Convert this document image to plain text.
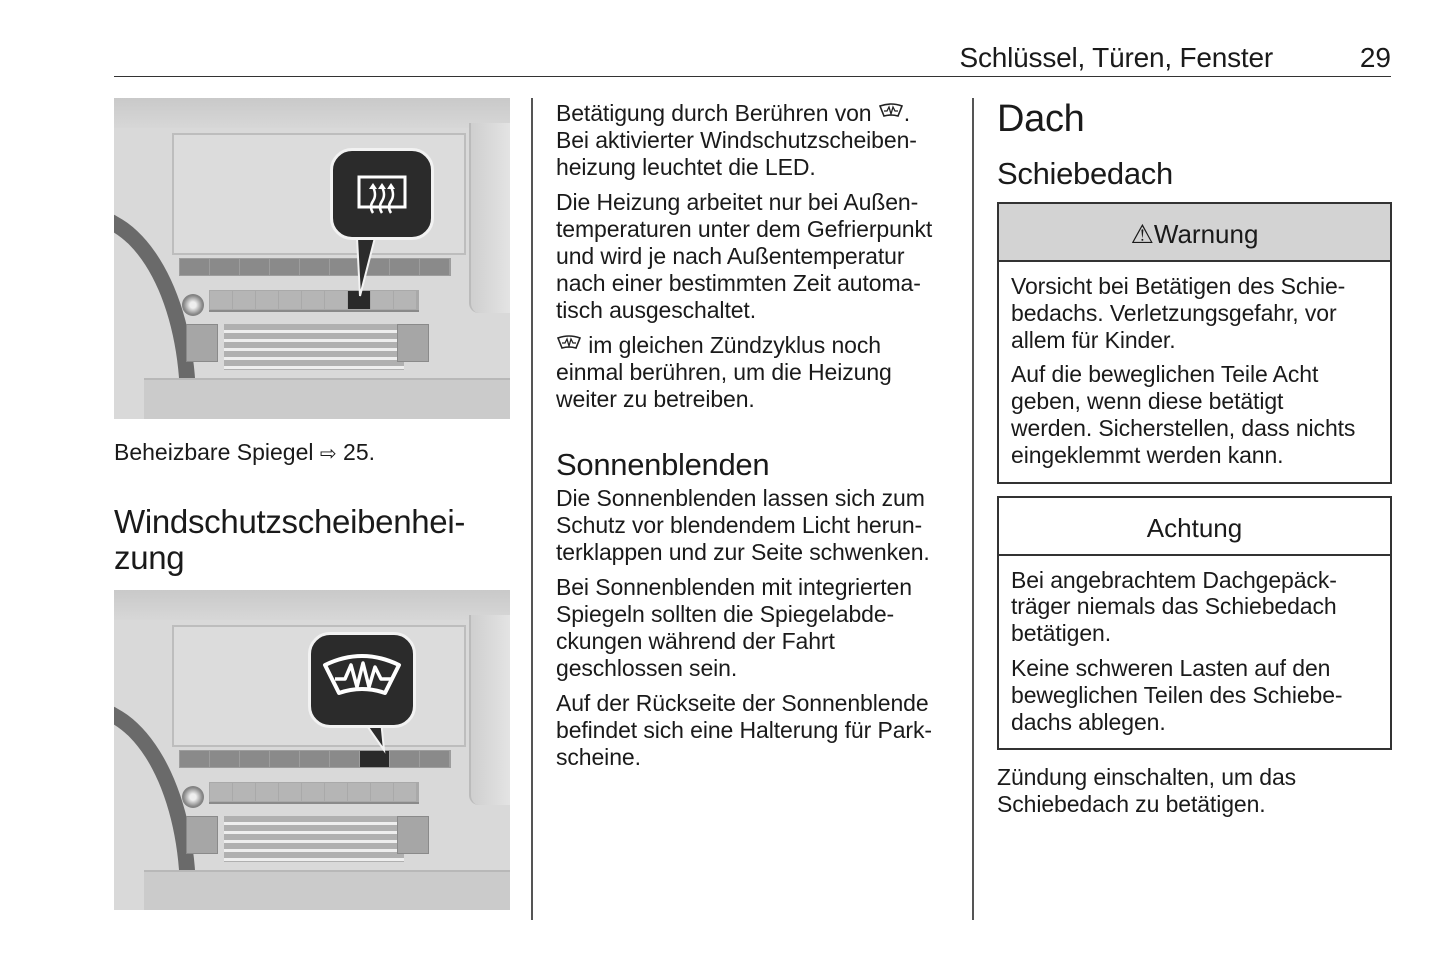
Schlüssel, Türen, Fenster	29
Beheizbare Spiegel ⇨ 25.
Windschutzscheibenhei-
zung

Betätigung durch Berühren von .
Bei aktivierter Windschutzscheiben-
heizung leuchtet die LED.

Die Heizung arbeitet nur bei Außen-
temperaturen unter dem Gefrierpunkt
und wird je nach Außentemperatur
nach einer bestimmten Zeit automa-
tisch ausgeschaltet.

im gleichen Zündzyklus noch
einmal berühren, um die Heizung
weiter zu betreiben.

Sonnenblenden

Die Sonnenblenden lassen sich zum
Schutz vor blendendem Licht herun-
terklappen und zur Seite schwenken.

Bei Sonnenblenden mit integrierten
Spiegeln sollten die Spiegelabde-
ckungen während der Fahrt
geschlossen sein.

Auf der Rückseite der Sonnenblende
befindet sich eine Halterung für Park-
scheine.

Dach
Schiebedach
⚠Warnung

Vorsicht bei Betätigen des Schie-
bedachs. Verletzungsgefahr, vor
allem für Kinder.

Auf die beweglichen Teile Acht
geben, wenn diese betätigt
werden. Sicherstellen, dass nichts
eingeklemmt werden kann.

Achtung

Bei angebrachtem Dachgepäck-
träger niemals das Schiebedach
betätigen.

Keine schweren Lasten auf den
beweglichen Teilen des Schiebe-
dachs ablegen.

Zündung einschalten, um das
Schiebedach zu betätigen.
